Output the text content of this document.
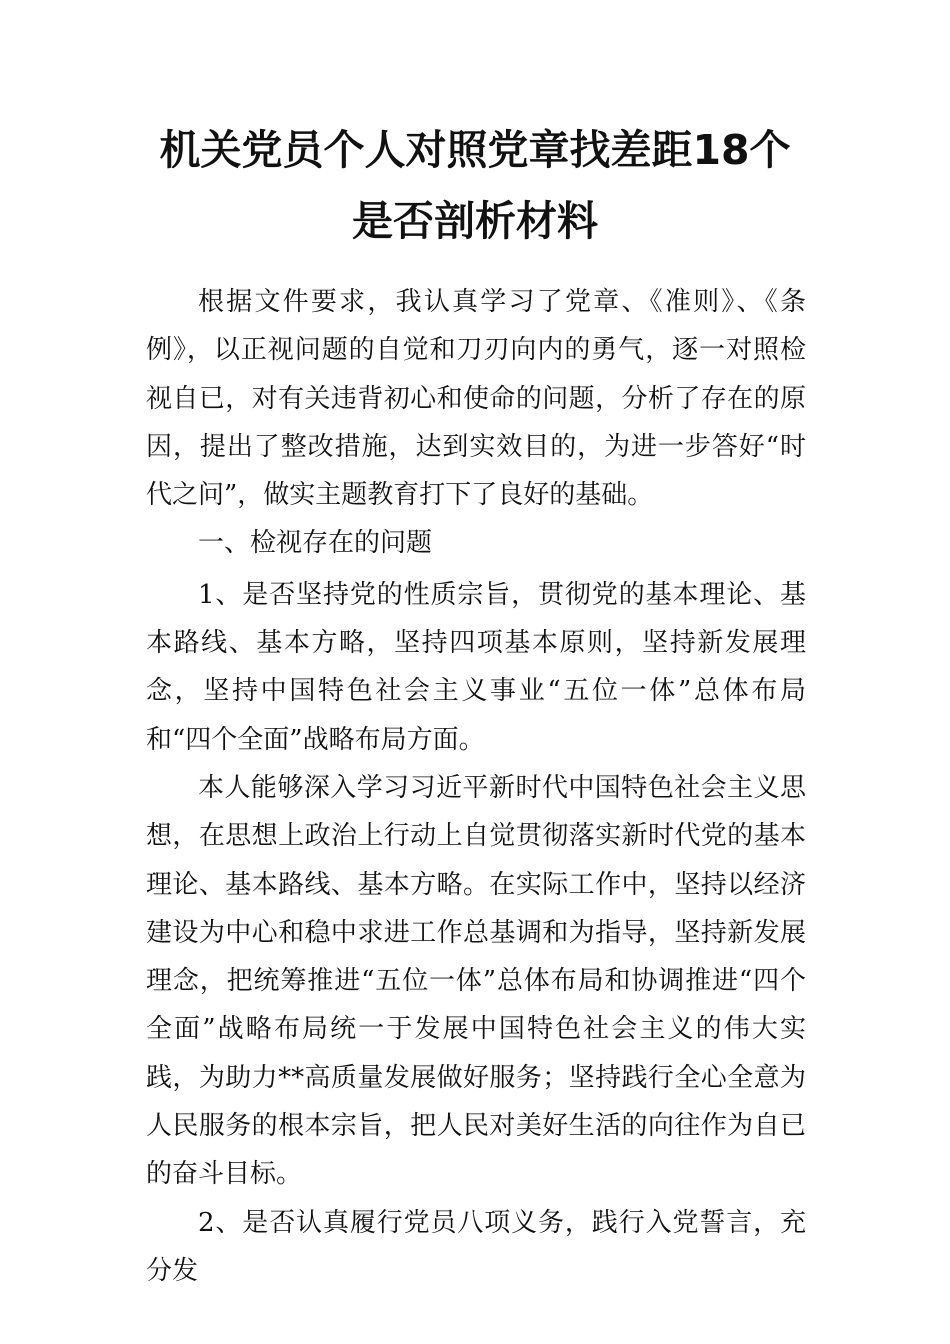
机关党员个人对照党章找差距18个
是否剖析材料

根据文件要求，我认真学习了党章、《准则》、《条例》，以正视问题的自觉和刀刃向内的勇气，逐一对照检视自已，对有关违背初心和使命的问题，分析了存在的原因，提出了整改措施，达到实效目的，为进一步答好“时代之问”，做实主题教育打下了良好的基础。

一、检视存在的问题

1、是否坚持党的性质宗旨，贯彻党的基本理论、基本路线、基本方略，坚持四项基本原则，坚持新发展理念，坚持中国特色社会主义事业“五位一体”总体布局和“四个全面”战略布局方面。

本人能够深入学习习近平新时代中国特色社会主义思想，在思想上政治上行动上自觉贯彻落实新时代党的基本理论、基本路线、基本方略。在实际工作中，坚持以经济建设为中心和稳中求进工作总基调和为指导，坚持新发展理念，把统筹推进“五位一体”总体布局和协调推进“四个全面”战略布局统一于发展中国特色社会主义的伟大实践，为助力**高质量发展做好服务；坚持践行全心全意为人民服务的根本宗旨，把人民对美好生活的向往作为自已的奋斗目标。

2、是否认真履行党员八项义务，践行入党誓言，充分发
